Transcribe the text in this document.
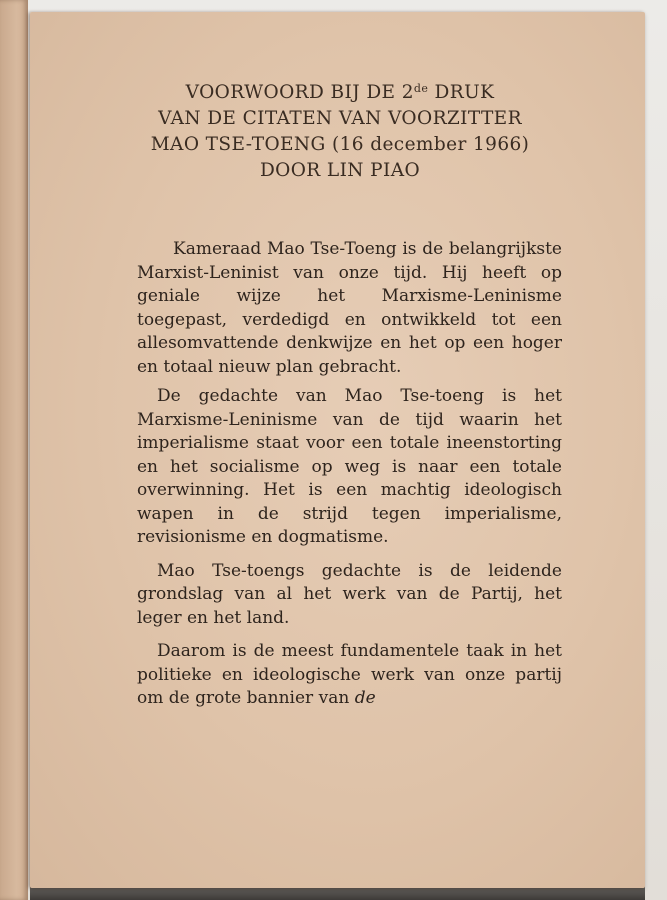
VOORWOORD BIJ DE 2de DRUK
VAN DE CITATEN VAN VOORZITTER
MAO TSE-TOENG (16 december 1966)
DOOR LIN PIAO

Kameraad Mao Tse-Toeng is de belangrijkste Marxist-Leninist van onze tijd. Hij heeft op geniale wijze het Marxisme-Leninisme toegepast, verdedigd en ontwikkeld tot een allesomvattende denkwijze en het op een hoger en totaal nieuw plan gebracht.

De gedachte van Mao Tse-toeng is het Marxisme-Leninisme van de tijd waarin het imperialisme staat voor een totale ineenstorting en het socialisme op weg is naar een totale overwinning. Het is een machtig ideologisch wapen in de strijd tegen imperialisme, revisionisme en dogmatisme.

Mao Tse-toengs gedachte is de leidende grondslag van al het werk van de Partij, het leger en het land.

Daarom is de meest fundamentele taak in het politieke en ideologische werk van onze partij om de grote bannier van de
